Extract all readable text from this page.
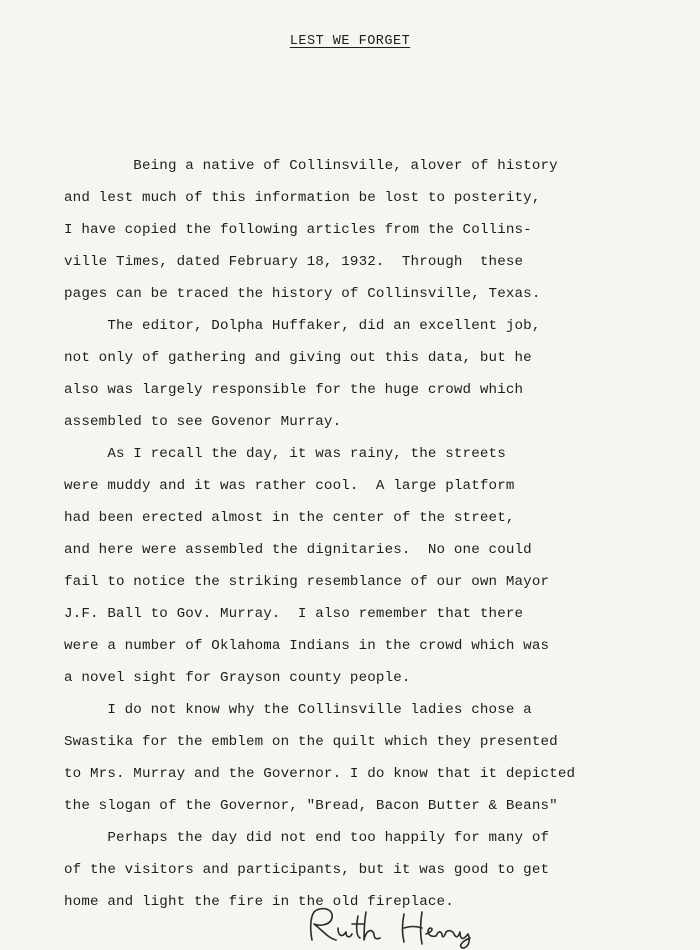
LEST WE FORGET
Being a native of Collinsville, alover of history
and lest much of this information be lost to posterity,
I have copied the following articles from the Collins-
ville Times, dated February 18, 1932.  Through  these
pages can be traced the history of Collinsville, Texas.
The editor, Dolpha Huffaker, did an excellent job,
not only of gathering and giving out this data, but he
also was largely responsible for the huge crowd which
assembled to see Govenor Murray.
As I recall the day, it was rainy, the streets
were muddy and it was rather cool.  A large platform
had been erected almost in the center of the street,
and here were assembled the dignitaries.  No one could
fail to notice the striking resemblance of our own Mayor
J.F. Ball to Gov. Murray.  I also remember that there
were a number of Oklahoma Indians in the crowd which was
a novel sight for Grayson county people.
I do not know why the Collinsville ladies chose a
Swastika for the emblem on the quilt which they presented
to Mrs. Murray and the Governor. I do know that it depicted
the slogan of the Governor, "Bread, Bacon Butter & Beans"
Perhaps the day did not end too happily for many of
of the visitors and participants, but it was good to get
home and light the fire in the old fireplace.
